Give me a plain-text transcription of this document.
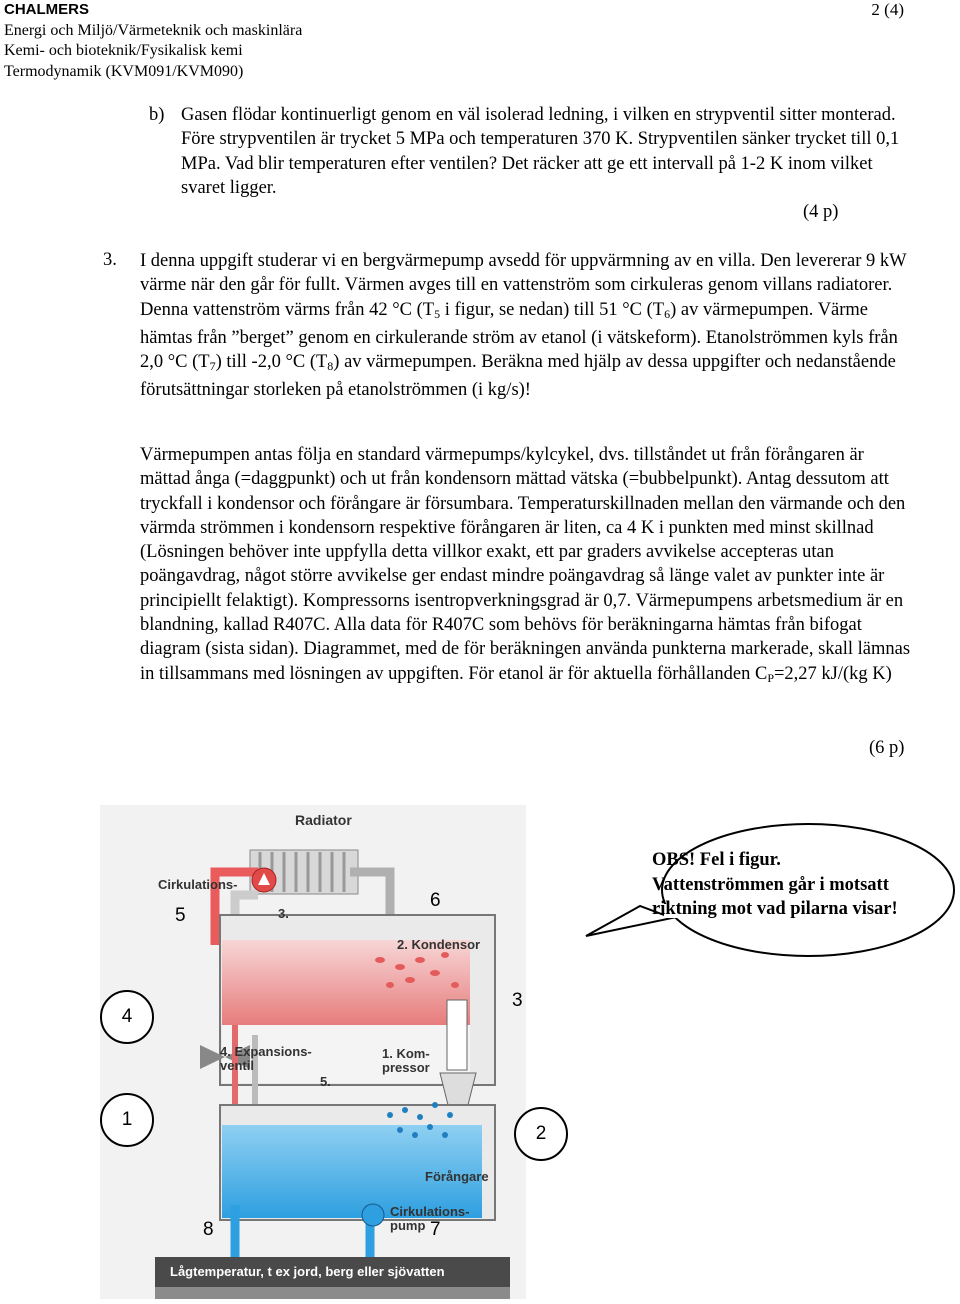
CHALMERS
Energi och Miljö/Värmeteknik och maskinlära
Kemi- och bioteknik/Fysikalisk kemi
Termodynamik (KVM091/KVM090)
2 (4)
b) Gasen flödar kontinuerligt genom en väl isolerad ledning, i vilken en strypventil sitter monterad. Före strypventilen är trycket 5 MPa och temperaturen 370 K. Strypventilen sänker trycket till 0,1 MPa. Vad blir temperaturen efter ventilen? Det räcker att ge ett intervall på 1-2 K inom vilket svaret ligger.

(4 p)
3. I denna uppgift studerar vi en bergvärmepump avsedd för uppvärmning av en villa. Den levererar 9 kW värme när den går för fullt. Värmen avges till en vattenström som cirkuleras genom villans radiatorer. Denna vattenström värms från 42 °C ($T_5$ i figur, se nedan) till 51 °C $(T_6)$ av värmepumpen. Värme hämtas från ”berget” genom en cirkulerande ström av etanol (i vätskeform). Etanolströmmen kyls från 2,0 °C $(T_7)$ till -2,0 °C $(T_8)$ av värmepumpen. Beräkna med hjälp av dessa uppgifter och nedanstående förutsättningar storleken på etanolströmmen (i kg/s)!

Värmepumpen antas följa en standard värmepumps/kylcykel, dvs. tillståndet ut från förångaren är mättad ånga (=daggpunkt) och ut från kondensorn mättad vätska (=bubbelpunkt). Antag dessutom att tryckfall i kondensor och förångare är försumbara. Temperaturskillnaden mellan den värmande och den värmda strömmen i kondensorn respektive förångaren är liten, ca 4 K i punkten med minst skillnad (Lösningen behöver inte uppfylla detta villkor exakt, ett par graders avvikelse accepteras utan poängavdrag, något större avvikelse ger endast mindre poängavdrag så länge valet av punkter inte är principiellt felaktigt). Kompressorns isentropverkningsgrad är 0,7. Värmepumpens arbetsmedium är en blandning, kallad R407C. Alla data för R407C som behövs för beräkningarna hämtas från bifogat diagram (sista sidan). Diagrammet, med de för beräkningen använda punkterna markerade, skall lämnas in tillsammans med lösningen av uppgiften. För etanol är för aktuella förhållanden $C_P=2,27$ kJ/(kg K)

(6 p)
Radiator
Cirkulations-
3.
2. Kondensor
4. Expansions-
ventil
1. Kom-
pressor
5.
Förångare
Cirkulations-
pump
Lågtemperatur, t ex jord, berg eller sjövatten
4
1
2
5
6
3
8	7

OBS! Fel i figur. Vattenströmmen går i motsatt riktning mot vad pilarna visar!
